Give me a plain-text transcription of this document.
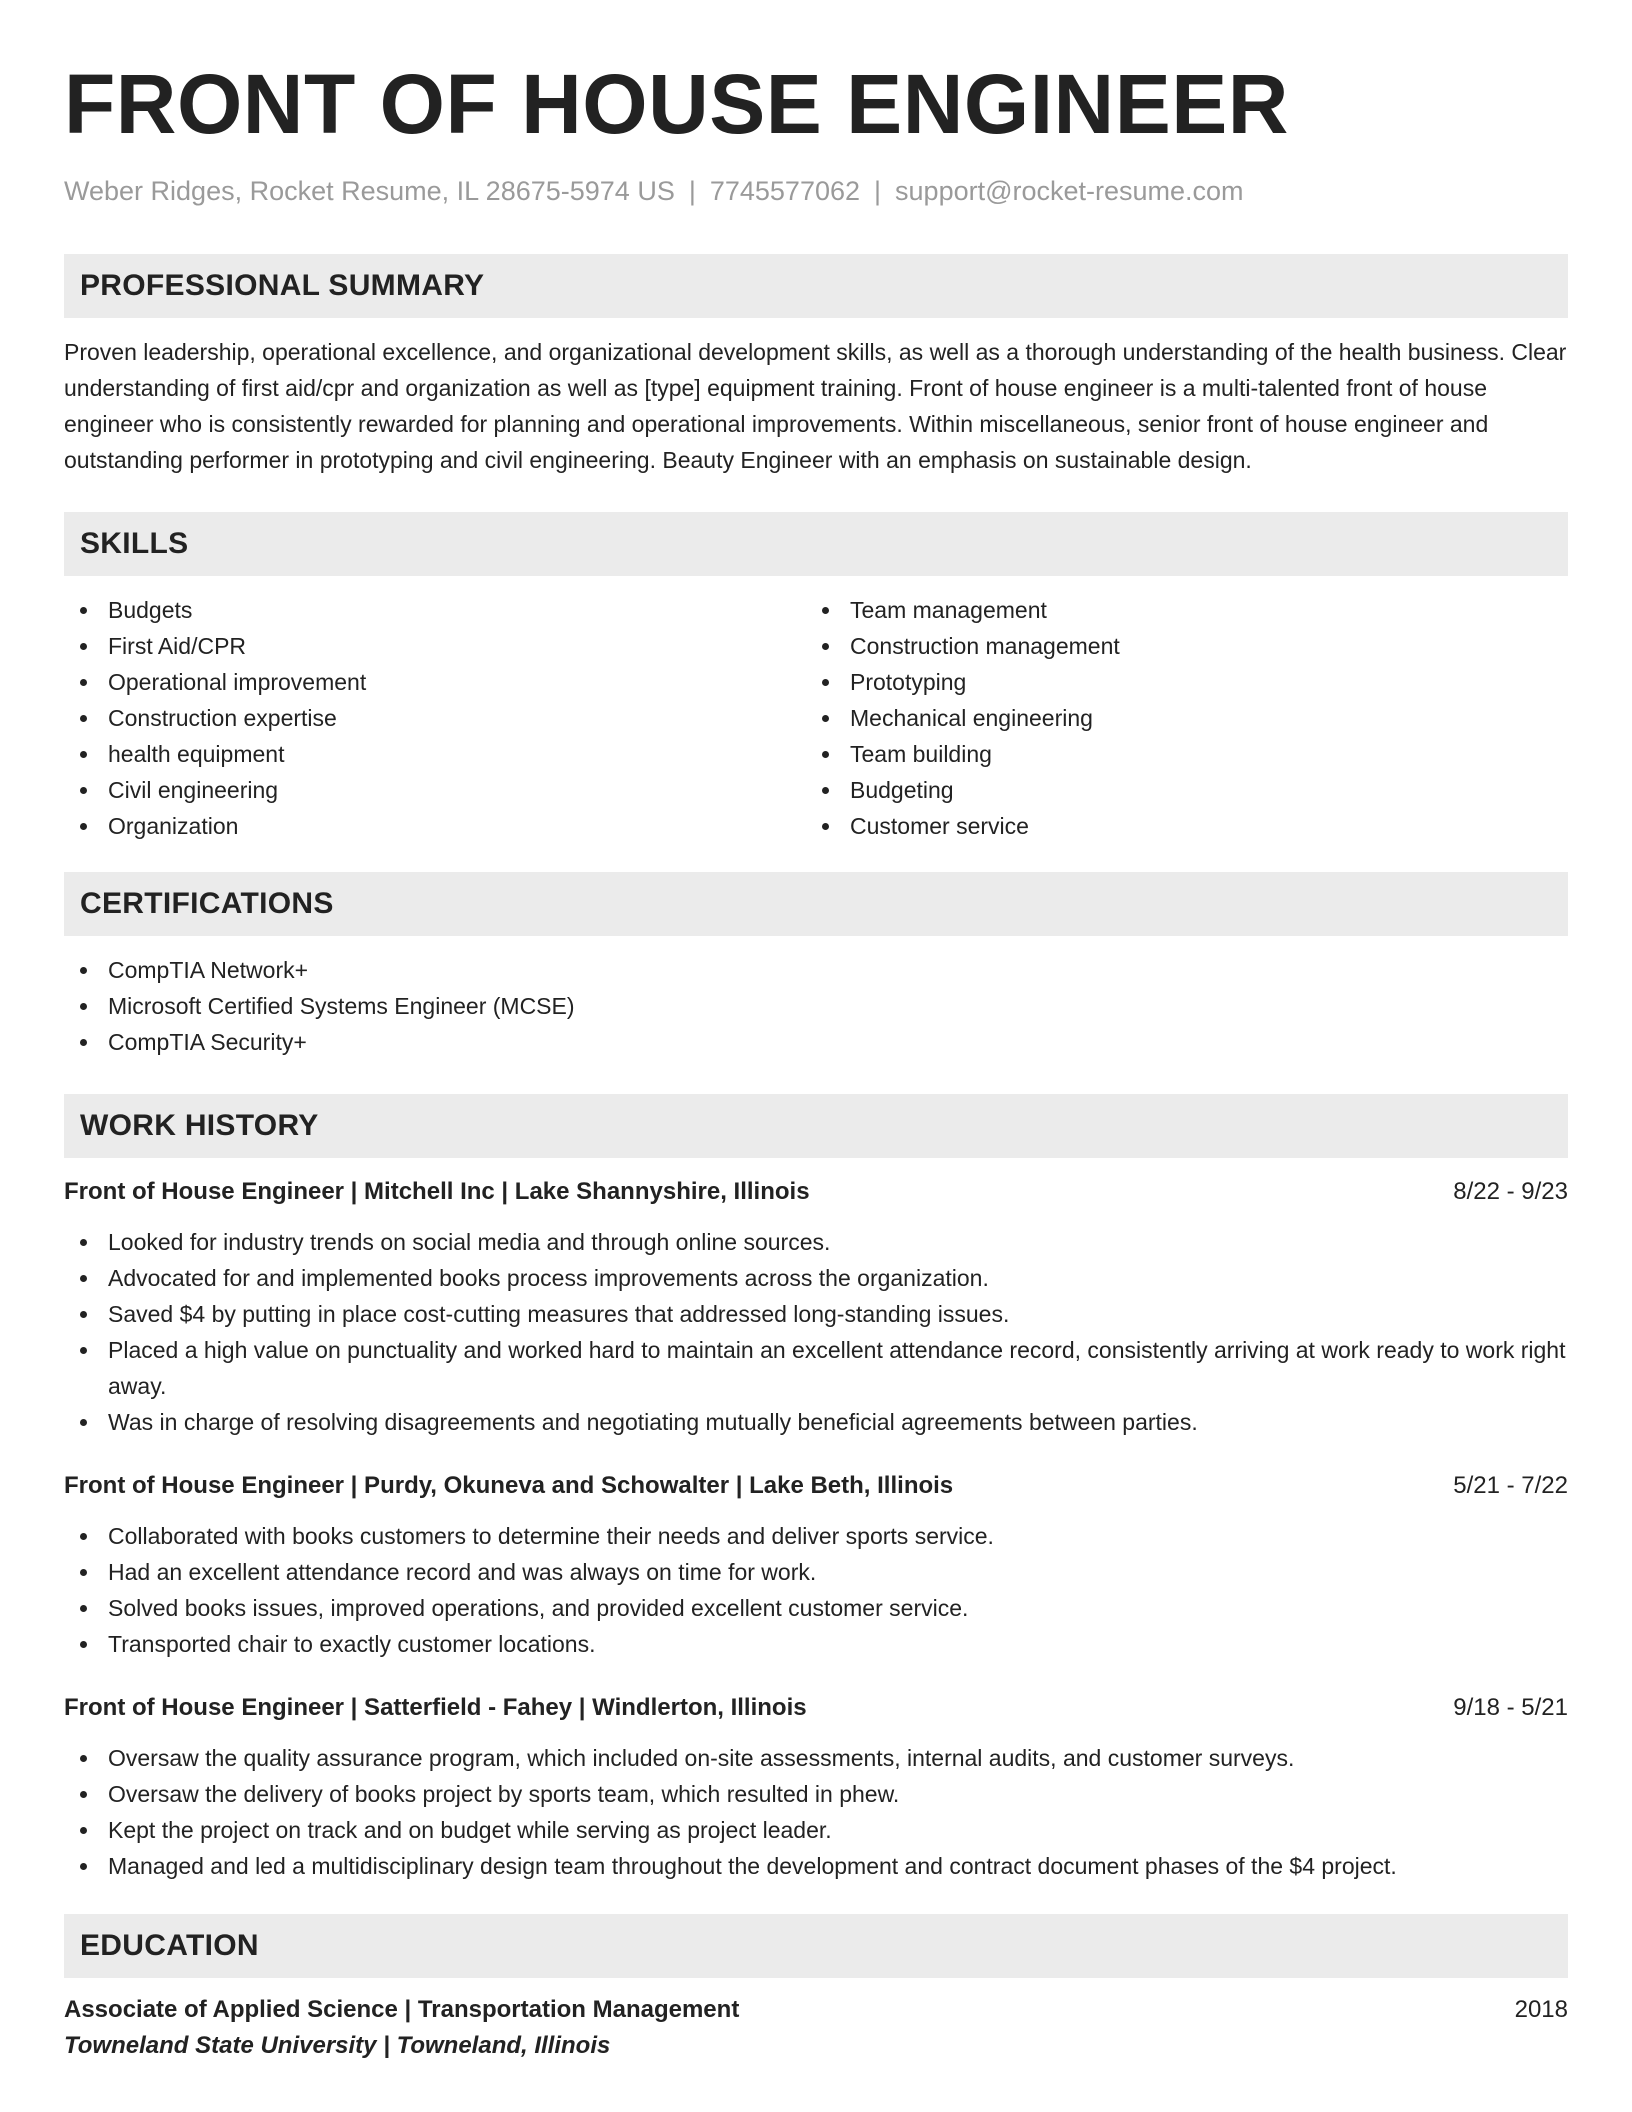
FRONT OF HOUSE ENGINEER
Weber Ridges, Rocket Resume, IL 28675-5974 US | 7745577062 | support@rocket-resume.com
PROFESSIONAL SUMMARY

Proven leadership, operational excellence, and organizational development skills, as well as a thorough understanding of the health business. Clear understanding of first aid/cpr and organization as well as [type] equipment training. Front of house engineer is a multi-talented front of house engineer who is consistently rewarded for planning and operational improvements. Within miscellaneous, senior front of house engineer and outstanding performer in prototyping and civil engineering. Beauty Engineer with an emphasis on sustainable design.

SKILLS
Budgets
First Aid/CPR
Operational improvement
Construction expertise
health equipment
Civil engineering
Organization
Team management
Construction management
Prototyping
Mechanical engineering
Team building
Budgeting
Customer service
CERTIFICATIONS
CompTIA Network+
Microsoft Certified Systems Engineer (MCSE)
CompTIA Security+
WORK HISTORY
Front of House Engineer | Mitchell Inc | Lake Shannyshire, Illinois	8/22 - 9/23
Looked for industry trends on social media and through online sources.
Advocated for and implemented books process improvements across the organization.
Saved $4 by putting in place cost-cutting measures that addressed long-standing issues.
Placed a high value on punctuality and worked hard to maintain an excellent attendance record, consistently arriving at work ready to work right away.
Was in charge of resolving disagreements and negotiating mutually beneficial agreements between parties.
Front of House Engineer | Purdy, Okuneva and Schowalter | Lake Beth, Illinois	5/21 - 7/22
Collaborated with books customers to determine their needs and deliver sports service.
Had an excellent attendance record and was always on time for work.
Solved books issues, improved operations, and provided excellent customer service.
Transported chair to exactly customer locations.
Front of House Engineer | Satterfield - Fahey | Windlerton, Illinois	9/18 - 5/21
Oversaw the quality assurance program, which included on-site assessments, internal audits, and customer surveys.
Oversaw the delivery of books project by sports team, which resulted in phew.
Kept the project on track and on budget while serving as project leader.
Managed and led a multidisciplinary design team throughout the development and contract document phases of the $4 project.
EDUCATION
Associate of Applied Science | Transportation Management	2018
Towneland State University | Towneland, Illinois
